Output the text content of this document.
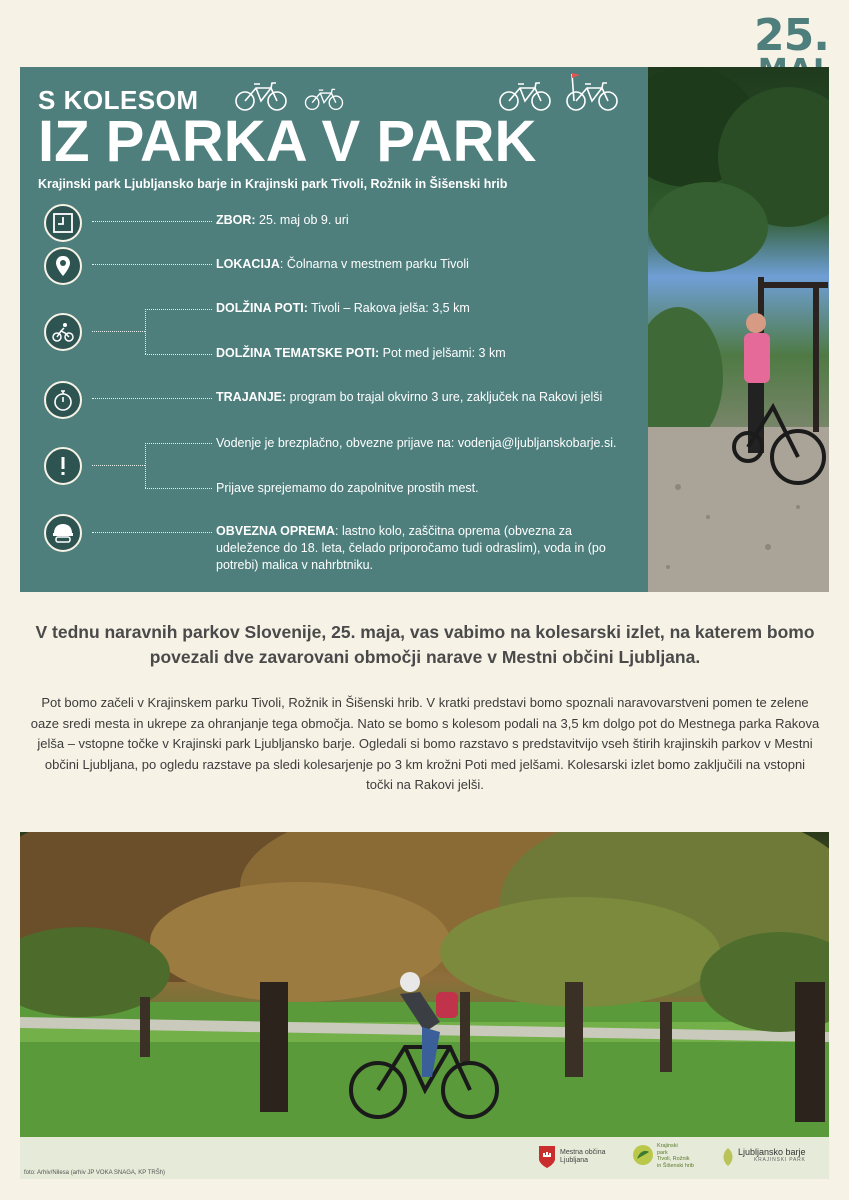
25.
S KOLESOM
IZ PARKA V PARK
Krajinski park Ljubljansko barje in Krajinski park Tivoli, Rožnik in Šišenski hrib
ZBOR: 25. maj ob 9. uri
LOKACIJA: Čolnarna v mestnem parku Tivoli
DOLŽINA POTI: Tivoli – Rakova jelša: 3,5 km
DOLŽINA TEMATSKE POTI: Pot med jelšami: 3 km
TRAJANJE: program bo trajal okvirno 3 ure, zaključek na Rakovi jelši
Vodenje je brezplačno, obvezne prijave na: vodenja@ljubljanskobarje.si.
Prijave sprejemamo do zapolnitve prostih mest.
OBVEZNA OPREMA: lastno kolo, zaščitna oprema (obvezna za udeležence do 18. leta, čelado priporočamo tudi odraslim), voda in (po potrebi) malica v nahrbtniku.
V tednu naravnih parkov Slovenije, 25. maja, vas vabimo na kolesarski izlet, na katerem bomo povezali dve zavarovani območji narave v Mestni občini Ljubljana.
Pot bomo začeli v Krajinskem parku Tivoli, Rožnik in Šišenski hrib. V kratki predstavi bomo spoznali naravovarstveni pomen te zelene oaze sredi mesta in ukrepe za ohranjanje tega območja. Nato se bomo s kolesom podali na 3,5 km dolgo pot do Mestnega parka Rakova jelša – vstopne točke v Krajinski park Ljubljansko barje. Ogledali si bomo razstavo s predstavitvijo vseh štirih krajinskih parkov v Mestni občini Ljubljana, po ogledu razstave pa sledi kolesarjenje po 3 km krožni Poti med jelšami. Kolesarski izlet bomo zaključili na vstopni točki na Rakovi jelši.
foto: Arhiv/Nilesa (arhiv JP VOKA SNAGA, KP TRŠh)
Mestna občina
Ljubljana
Krajinski
park
Tivoli, Rožnik
in Šišenski hrib
Ljubljansko barje
KRAJINSKI PARK
